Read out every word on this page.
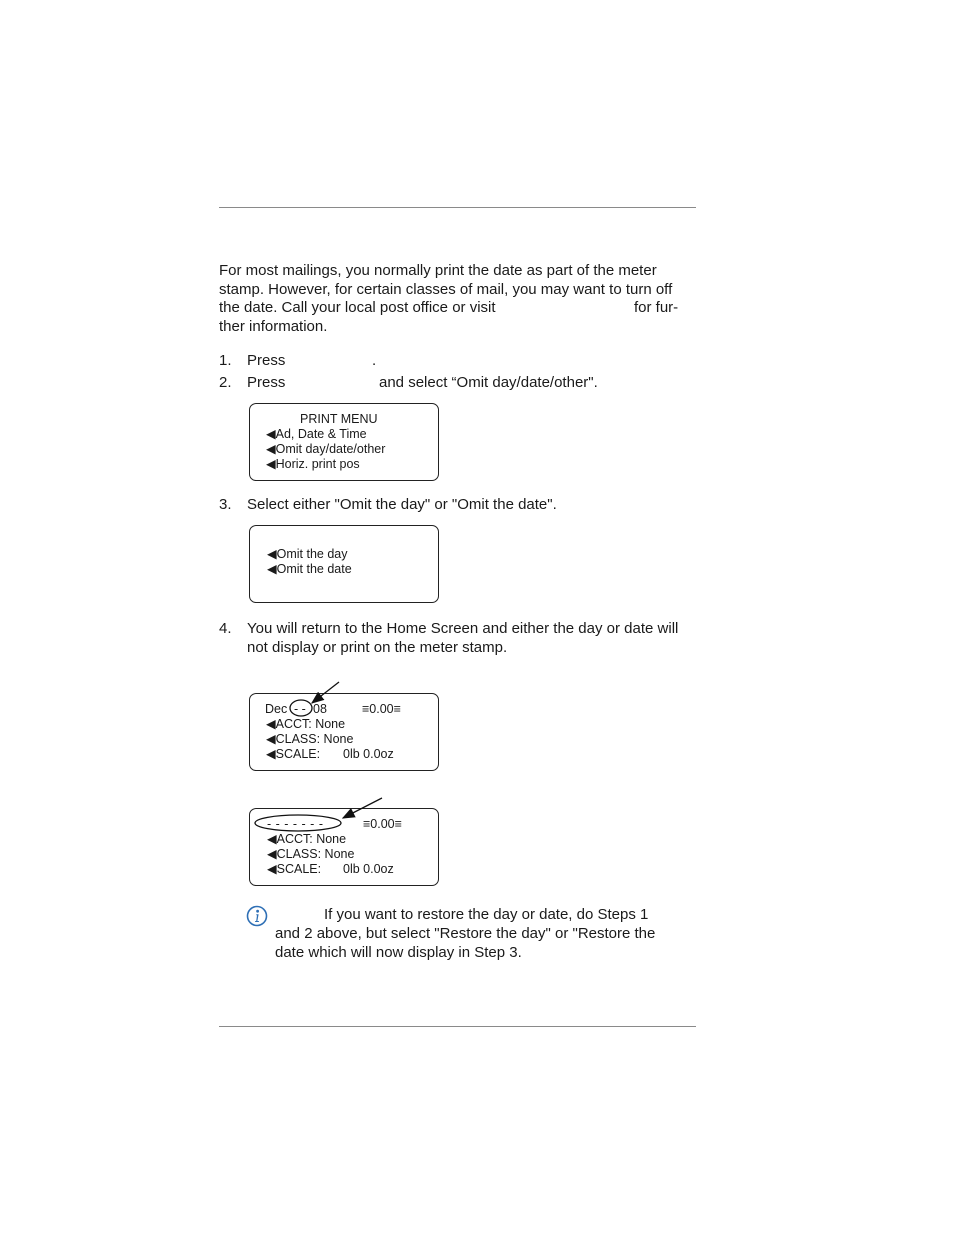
For most mailings, you normally print the date as part of the meter
stamp. However, for certain classes of mail, you may want to turn off
the date. Call your local post office or visit	for fur-
ther information.
1. Press	.
2. Press	and select “Omit day/date/other".
PRINT MENU
◀Ad, Date & Time
◀Omit day/date/other
◀Horiz. print pos
3. Select either "Omit the day" or "Omit the date".
◀Omit the day
◀Omit the date
4. You will return to the Home Screen and either the day or date will
not display or print on the meter stamp.
Dec - - 08	≡0.00≡
◀ACCT: None
◀CLASS: None
◀SCALE: 0lb 0.0oz
- - - - - - -	≡0.00≡
◀ACCT: None
◀CLASS: None
◀SCALE: 0lb 0.0oz
If you want to restore the day or date, do Steps 1
and 2 above, but select "Restore the day" or "Restore the
date which will now display in Step 3.
